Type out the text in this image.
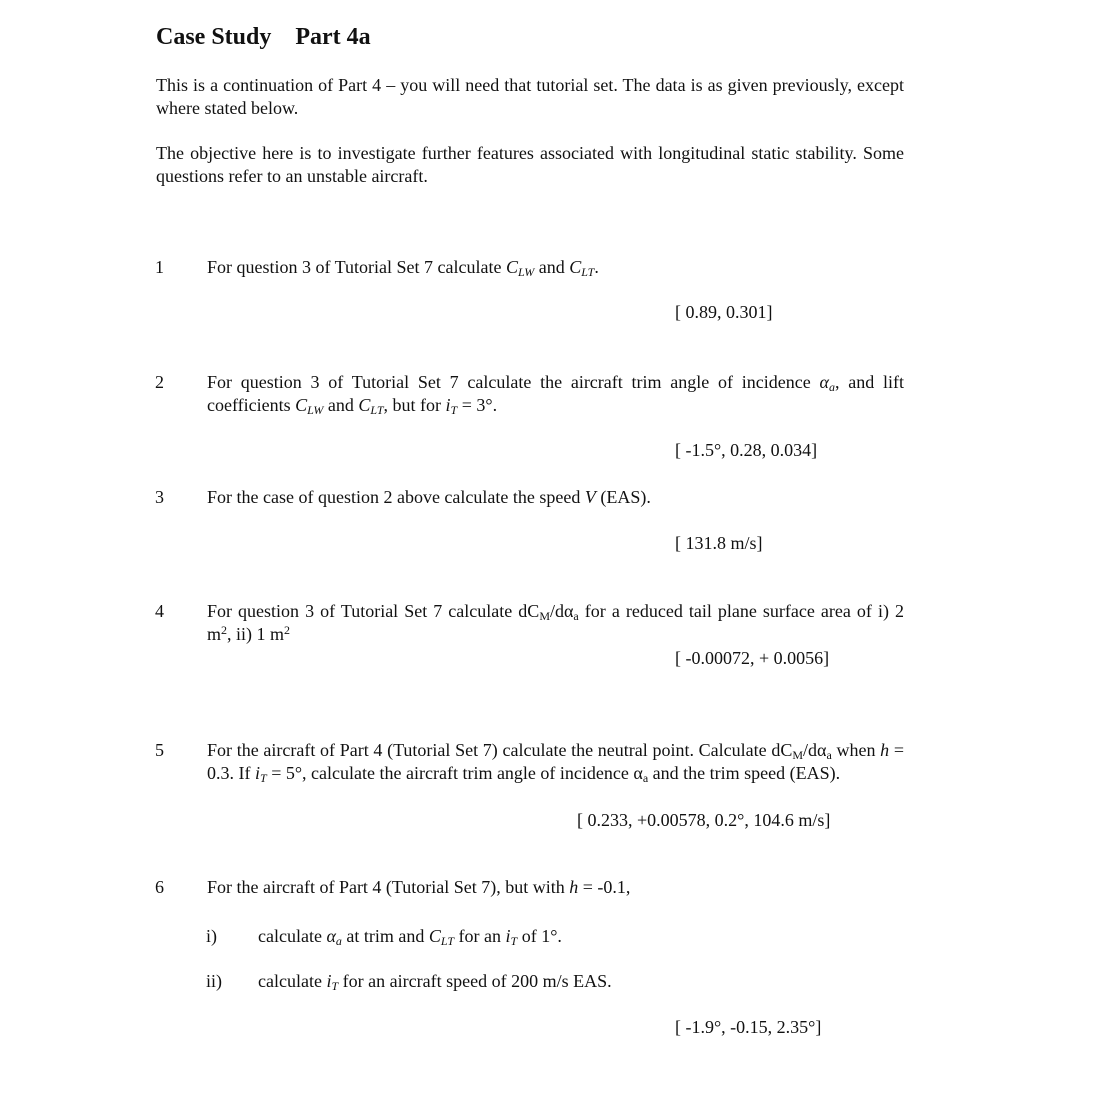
Case Study Part 4a
This is a continuation of Part 4 – you will need that tutorial set. The data is as given previously, except where stated below.
The objective here is to investigate further features associated with longitudinal static stability. Some questions refer to an unstable aircraft.
1	For question 3 of Tutorial Set 7 calculate $C_{LW}$ and $C_{LT}$.
[ 0.89, 0.301]
2	For question 3 of Tutorial Set 7 calculate the aircraft trim angle of incidence $\alpha_a$, and lift coefficients $C_{LW}$ and $C_{LT}$, but for $i_T = 3^\circ$.
[ -1.5°, 0.28, 0.034]
3	For the case of question 2 above calculate the speed V (EAS).
[ 131.8 m/s]
4	For question 3 of Tutorial Set 7 calculate $dC_M/d\alpha_a$ for a reduced tail plane surface area of i) 2 $m^2$, ii) 1 $m^2$
[ -0.00072, + 0.0056]
5	For the aircraft of Part 4 (Tutorial Set 7) calculate the neutral point. Calculate $dC_M/d\alpha_a$ when h = 0.3. If $i_T = 5^\circ$, calculate the aircraft trim angle of incidence $\alpha_a$ and the trim speed (EAS).
[ 0.233, +0.00578, 0.2°, 104.6 m/s]
6	For the aircraft of Part 4 (Tutorial Set 7), but with h = -0.1,
i) calculate $\alpha_a$ at trim and $C_{LT}$ for an $i_T$ of 1°.
ii) calculate $i_T$ for an aircraft speed of 200 m/s EAS.
[ -1.9°, -0.15, 2.35°]
